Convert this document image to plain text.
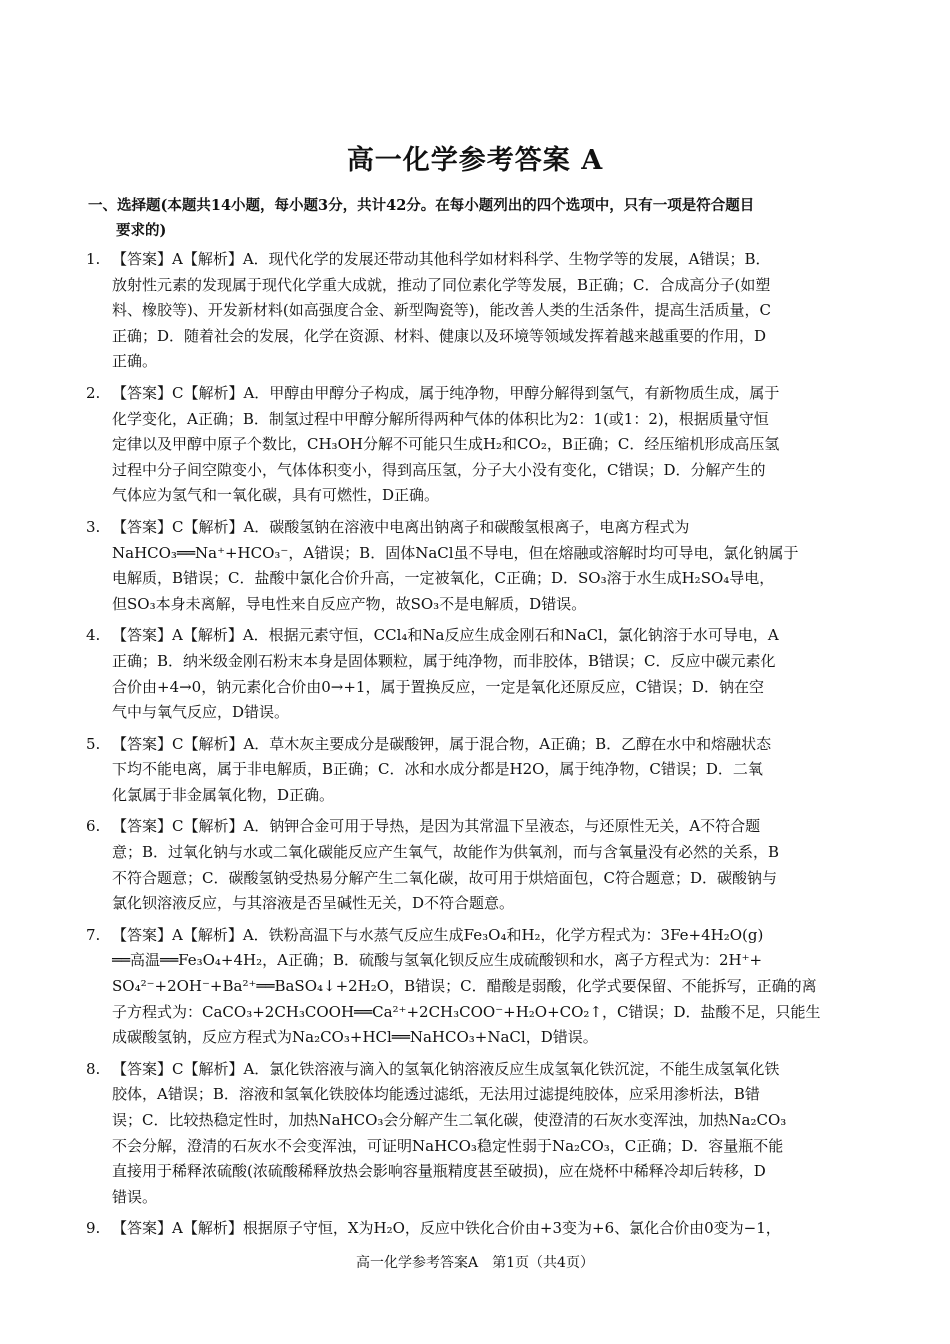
高一化学参考答案 A
一、选择题(本题共14小题，每小题3分，共计42分。在每小题列出的四个选项中，只有一项是符合题目
要求的)
1. 【答案】A【解析】A．现代化学的发展还带动其他科学如材料科学、生物学等的发展，A错误；B．

放射性元素的发现属于现代化学重大成就，推动了同位素化学等发展，B正确；C．合成高分子(如塑

料、橡胶等)、开发新材料(如高强度合金、新型陶瓷等)，能改善人类的生活条件，提高生活质量，C

正确；D．随着社会的发展，化学在资源、材料、健康以及环境等领域发挥着越来越重要的作用，D

正确。

2. 【答案】C【解析】A．甲醇由甲醇分子构成，属于纯净物，甲醇分解得到氢气，有新物质生成，属于

化学变化，A正确；B．制氢过程中甲醇分解所得两种气体的体积比为2：1(或1：2)，根据质量守恒

定律以及甲醇中原子个数比，CH₃OH分解不可能只生成H₂和CO₂，B正确；C．经压缩机形成高压氢

过程中分子间空隙变小，气体体积变小，得到高压氢，分子大小没有变化，C错误；D．分解产生的

气体应为氢气和一氧化碳，具有可燃性，D正确。

3. 【答案】C【解析】A．碳酸氢钠在溶液中电离出钠离子和碳酸氢根离子，电离方程式为

NaHCO₃══Na⁺+HCO₃⁻，A错误；B．固体NaCl虽不导电，但在熔融或溶解时均可导电，氯化钠属于

电解质，B错误；C．盐酸中氯化合价升高，一定被氧化，C正确；D．SO₃溶于水生成H₂SO₄导电，

但SO₃本身未离解，导电性来自反应产物，故SO₃不是电解质，D错误。

4. 【答案】A【解析】A．根据元素守恒，CCl₄和Na反应生成金刚石和NaCl，氯化钠溶于水可导电，A

正确；B．纳米级金刚石粉末本身是固体颗粒，属于纯净物，而非胶体，B错误；C．反应中碳元素化

合价由+4→0，钠元素化合价由0→+1，属于置换反应，一定是氧化还原反应，C错误；D．钠在空

气中与氧气反应，D错误。

5. 【答案】C【解析】A．草木灰主要成分是碳酸钾，属于混合物，A正确；B．乙醇在水中和熔融状态

下均不能电离，属于非电解质，B正确；C．冰和水成分都是H2O，属于纯净物，C错误；D．二氧

化氯属于非金属氧化物，D正确。

6. 【答案】C【解析】A．钠钾合金可用于导热，是因为其常温下呈液态，与还原性无关，A不符合题

意；B．过氧化钠与水或二氧化碳能反应产生氧气，故能作为供氧剂，而与含氧量没有必然的关系，B

不符合题意；C．碳酸氢钠受热易分解产生二氧化碳，故可用于烘焙面包，C符合题意；D．碳酸钠与

氯化钡溶液反应，与其溶液是否呈碱性无关，D不符合题意。

7. 【答案】A【解析】A．铁粉高温下与水蒸气反应生成Fe₃O₄和H₂，化学方程式为：3Fe+4H₂O(g)

══高温══Fe₃O₄+4H₂，A正确；B．硫酸与氢氧化钡反应生成硫酸钡和水，离子方程式为：2H⁺+

SO₄²⁻+2OH⁻+Ba²⁺══BaSO₄↓+2H₂O，B错误；C．醋酸是弱酸，化学式要保留、不能拆写，正确的离

子方程式为：CaCO₃+2CH₃COOH══Ca²⁺+2CH₃COO⁻+H₂O+CO₂↑，C错误；D．盐酸不足，只能生

成碳酸氢钠，反应方程式为Na₂CO₃+HCl══NaHCO₃+NaCl，D错误。

8. 【答案】C【解析】A．氯化铁溶液与滴入的氢氧化钠溶液反应生成氢氧化铁沉淀，不能生成氢氧化铁

胶体，A错误；B．溶液和氢氧化铁胶体均能透过滤纸，无法用过滤提纯胶体，应采用渗析法，B错

误；C．比较热稳定性时，加热NaHCO₃会分解产生二氧化碳，使澄清的石灰水变浑浊，加热Na₂CO₃

不会分解，澄清的石灰水不会变浑浊，可证明NaHCO₃稳定性弱于Na₂CO₃，C正确；D．容量瓶不能

直接用于稀释浓硫酸(浓硫酸稀释放热会影响容量瓶精度甚至破损)，应在烧杯中稀释冷却后转移，D

错误。

9. 【答案】A【解析】根据原子守恒，X为H₂O，反应中铁化合价由+3变为+6、氯化合价由0变为−1，

高一化学参考答案A　第1页（共4页）
